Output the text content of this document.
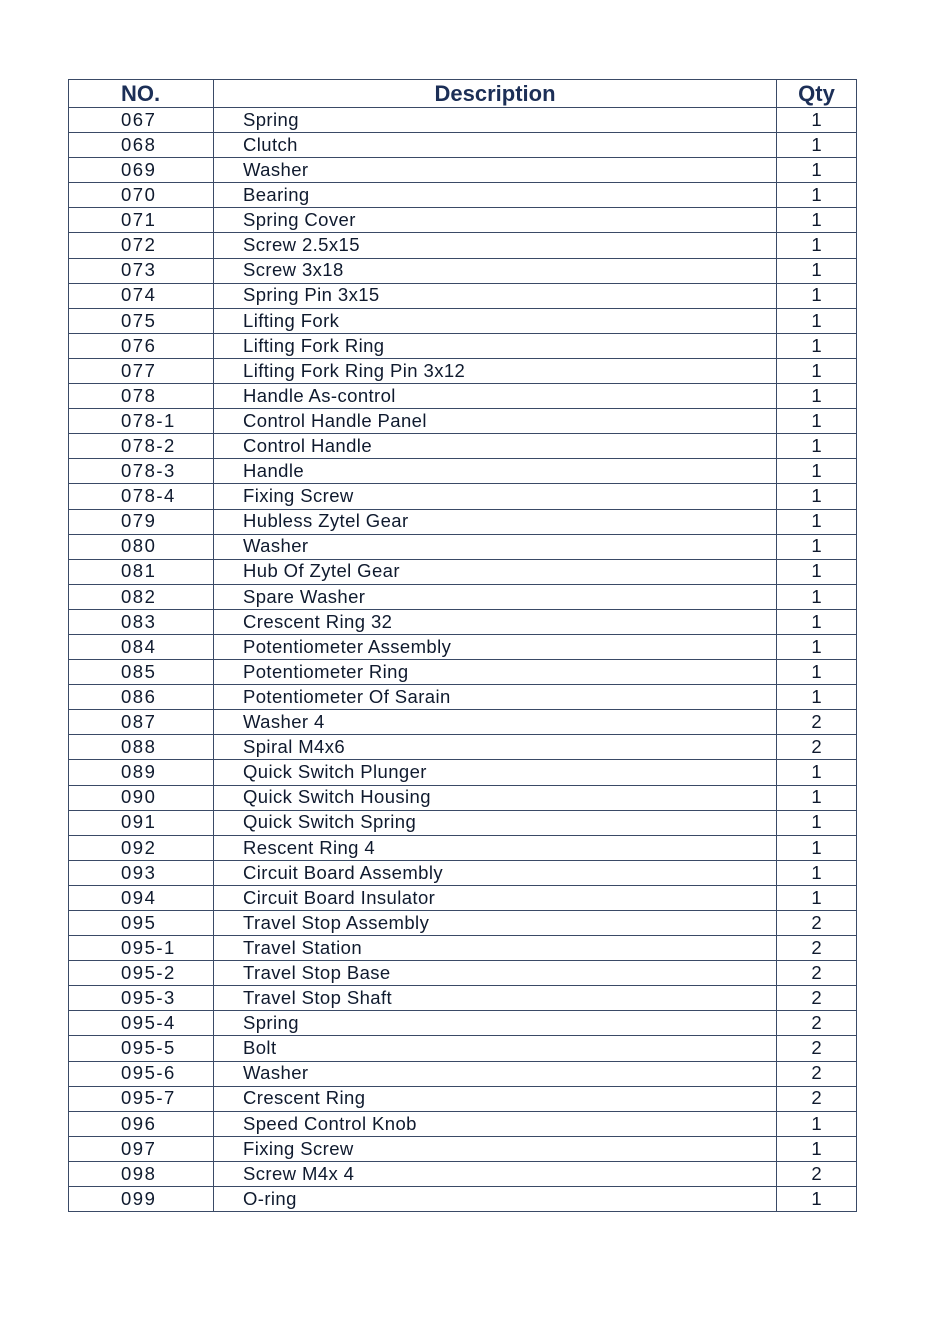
NO.	Description	Qty
067	Spring	1
068	Clutch	1
069	Washer	1
070	Bearing	1
071	Spring Cover	1
072	Screw 2.5x15	1
073	Screw 3x18	1
074	Spring Pin 3x15	1
075	Lifting Fork	1
076	Lifting Fork Ring	1
077	Lifting Fork Ring Pin 3x12	1
078	Handle As-control	1
078-1	Control Handle Panel	1
078-2	Control Handle	1
078-3	Handle	1
078-4	Fixing Screw	1
079	Hubless Zytel Gear	1
080	Washer	1
081	Hub Of Zytel Gear	1
082	Spare Washer	1
083	Crescent Ring 32	1
084	Potentiometer Assembly	1
085	Potentiometer Ring	1
086	Potentiometer Of Sarain	1
087	Washer 4	2
088	Spiral M4x6	2
089	Quick Switch Plunger	1
090	Quick Switch Housing	1
091	Quick Switch Spring	1
092	Rescent Ring 4	1
093	Circuit Board Assembly	1
094	Circuit Board Insulator	1
095	Travel Stop Assembly	2
095-1	Travel Station	2
095-2	Travel Stop Base	2
095-3	Travel Stop Shaft	2
095-4	Spring	2
095-5	Bolt	2
095-6	Washer	2
095-7	Crescent Ring	2
096	Speed Control Knob	1
097	Fixing Screw	1
098	Screw M4x 4	2
099	O-ring	1
